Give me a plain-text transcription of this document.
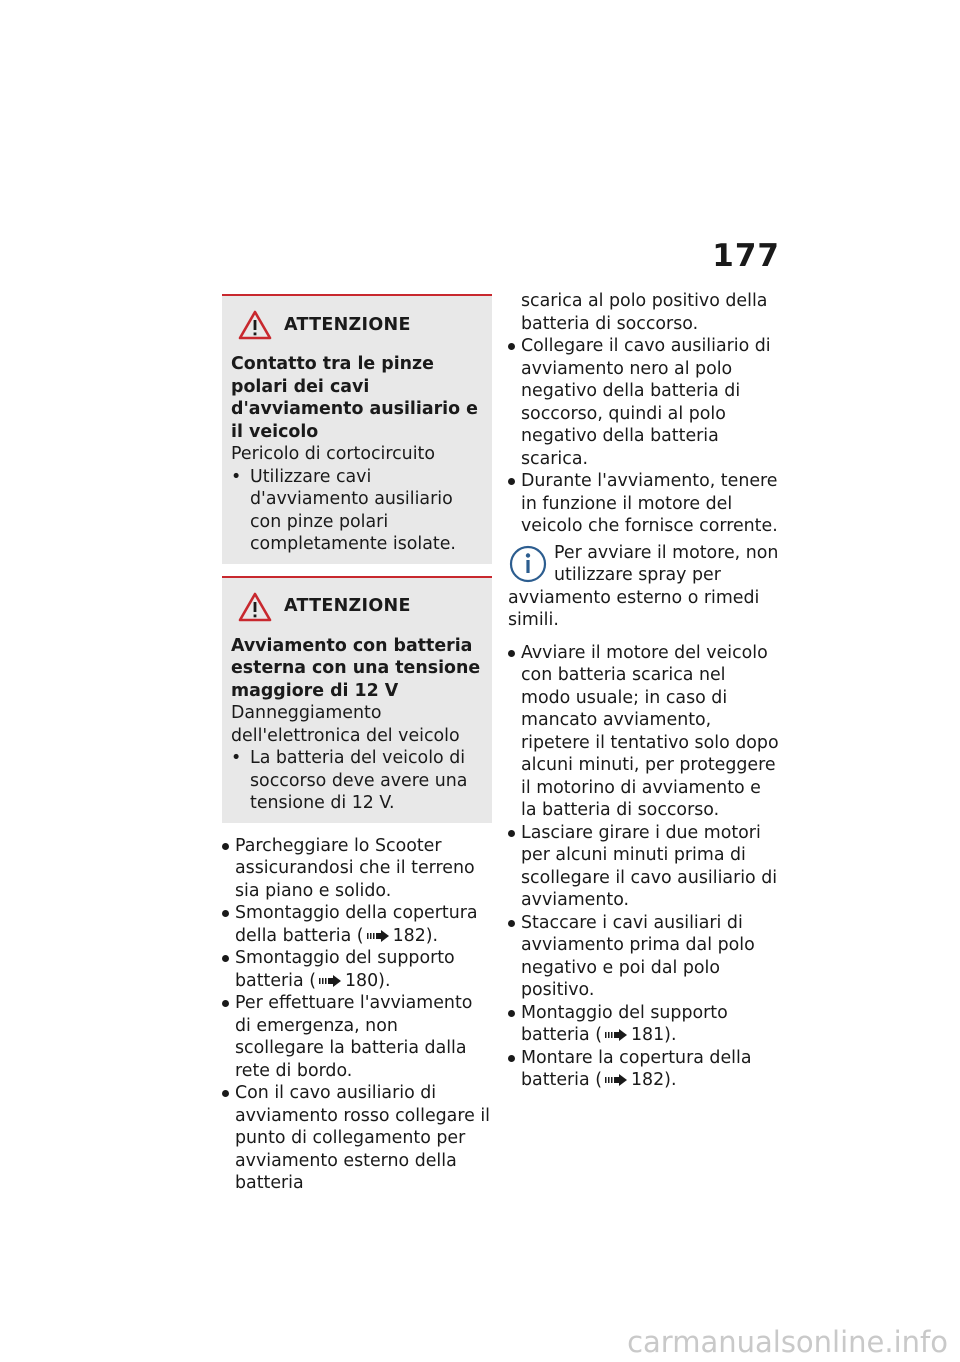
177
ATTENZIONE

Contatto tra le pinze polari dei cavi d'avviamento ausiliario e il veicolo

Pericolo di cortocircuito

• Utilizzare cavi d'avviamento ausiliario con pinze polari completamente isolate.
ATTENZIONE

Avviamento con batteria esterna con una tensione maggiore di 12 V

Danneggiamento dell'elettronica del veicolo

• La batteria del veicolo di soccorso deve avere una tensione di 12 V.
Parcheggiare lo Scooter assicurandosi che il terreno sia piano e solido.
Smontaggio della copertura della batteria ( 182).
Smontaggio del supporto batteria ( 180).
Per effettuare l'avviamento di emergenza, non scollegare la batteria dalla rete di bordo.
Con il cavo ausiliario di avviamento rosso collegare il punto di collegamento per avviamento esterno della batteria
scarica al polo positivo della batteria di soccorso.
Collegare il cavo ausiliario di avviamento nero al polo negativo della batteria di soccorso, quindi al polo negativo della batteria scarica.
Durante l'avviamento, tenere in funzione il motore del veicolo che fornisce corrente.

Per avviare il motore, non utilizzare spray per avviamento esterno o rimedi simili.

Avviare il motore del veicolo con batteria scarica nel modo usuale; in caso di mancato avviamento, ripetere il tentativo solo dopo alcuni minuti, per proteggere il motorino di avviamento e la batteria di soccorso.
Lasciare girare i due motori per alcuni minuti prima di scollegare il cavo ausiliario di avviamento.
Staccare i cavi ausiliari di avviamento prima dal polo negativo e poi dal polo positivo.
Montaggio del supporto batteria ( 181).
Montare la copertura della batteria ( 182).
carmanualsonline.info
